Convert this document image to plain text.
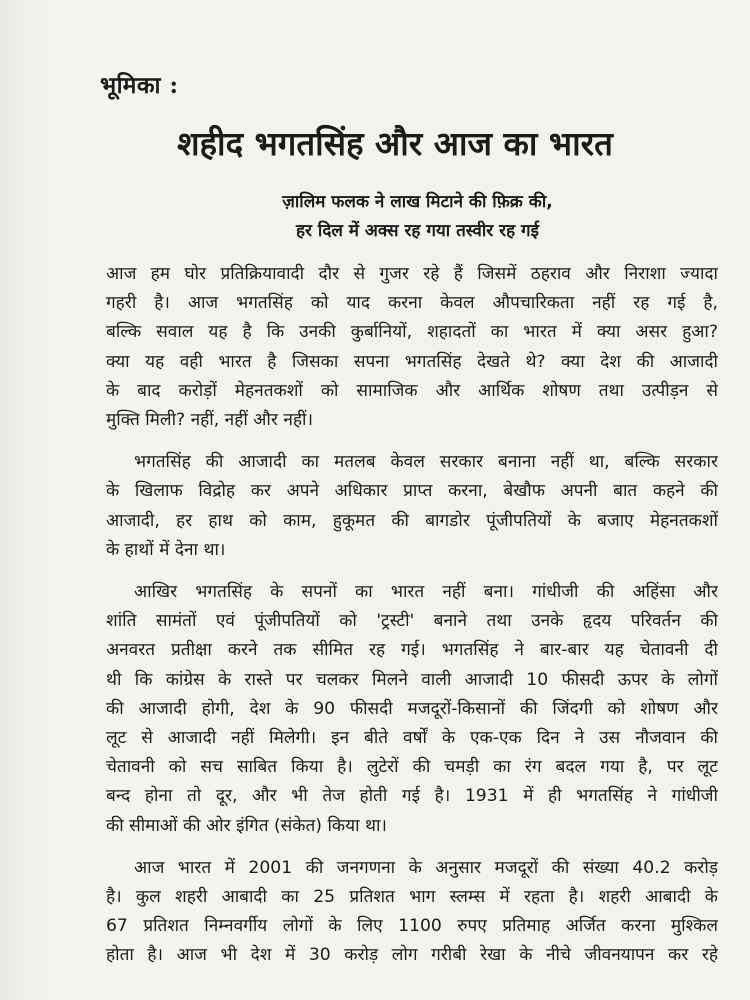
भूमिका :
शहीद भगतसिंह और आज का भारत
ज़ालिम फलक ने लाख मिटाने की फ़िक्र की,
हर दिल में अक्स रह गया तस्वीर रह गई
आज हम घोर प्रतिक्रियावादी दौर से गुजर रहे हैं जिसमें ठहराव और निराशा ज्यादा
गहरी है। आज भगतसिंह को याद करना केवल औपचारिकता नहीं रह गई है,
बल्कि सवाल यह है कि उनकी कुर्बानियों, शहादतों का भारत में क्या असर हुआ?
क्या यह वही भारत है जिसका सपना भगतसिंह देखते थे? क्या देश की आजादी
के बाद करोड़ों मेहनतकशों को सामाजिक और आर्थिक शोषण तथा उत्पीड़न से
मुक्ति मिली? नहीं, नहीं और नहीं।
भगतसिंह की आजादी का मतलब केवल सरकार बनाना नहीं था, बल्कि सरकार
के खिलाफ विद्रोह कर अपने अधिकार प्राप्त करना, बेखौफ अपनी बात कहने की
आजादी, हर हाथ को काम, हुकूमत की बागडोर पूंजीपतियों के बजाए मेहनतकशों
के हाथों में देना था।
आखिर भगतसिंह के सपनों का भारत नहीं बना। गांधीजी की अहिंसा और
शांति सामंतों एवं पूंजीपतियों को 'ट्रस्टी' बनाने तथा उनके हृदय परिवर्तन की
अनवरत प्रतीक्षा करने तक सीमित रह गई। भगतसिंह ने बार-बार यह चेतावनी दी
थी कि कांग्रेस के रास्ते पर चलकर मिलने वाली आजादी 10 फीसदी ऊपर के लोगों
की आजादी होगी, देश के 90 फीसदी मजदूरों-किसानों की जिंदगी को शोषण और
लूट से आजादी नहीं मिलेगी। इन बीते वर्षों के एक-एक दिन ने उस नौजवान की
चेतावनी को सच साबित किया है। लुटेरों की चमड़ी का रंग बदल गया है, पर लूट
बन्द होना तो दूर, और भी तेज होती गई है। 1931 में ही भगतसिंह ने गांधीजी
की सीमाओं की ओर इंगित (संकेत) किया था।
आज भारत में 2001 की जनगणना के अनुसार मजदूरों की संख्या 40.2 करोड़
है। कुल शहरी आबादी का 25 प्रतिशत भाग स्लम्स में रहता है। शहरी आबादी के
67 प्रतिशत निम्नवर्गीय लोगों के लिए 1100 रुपए प्रतिमाह अर्जित करना मुश्किल
होता है। आज भी देश में 30 करोड़ लोग गरीबी रेखा के नीचे जीवनयापन कर रहे
